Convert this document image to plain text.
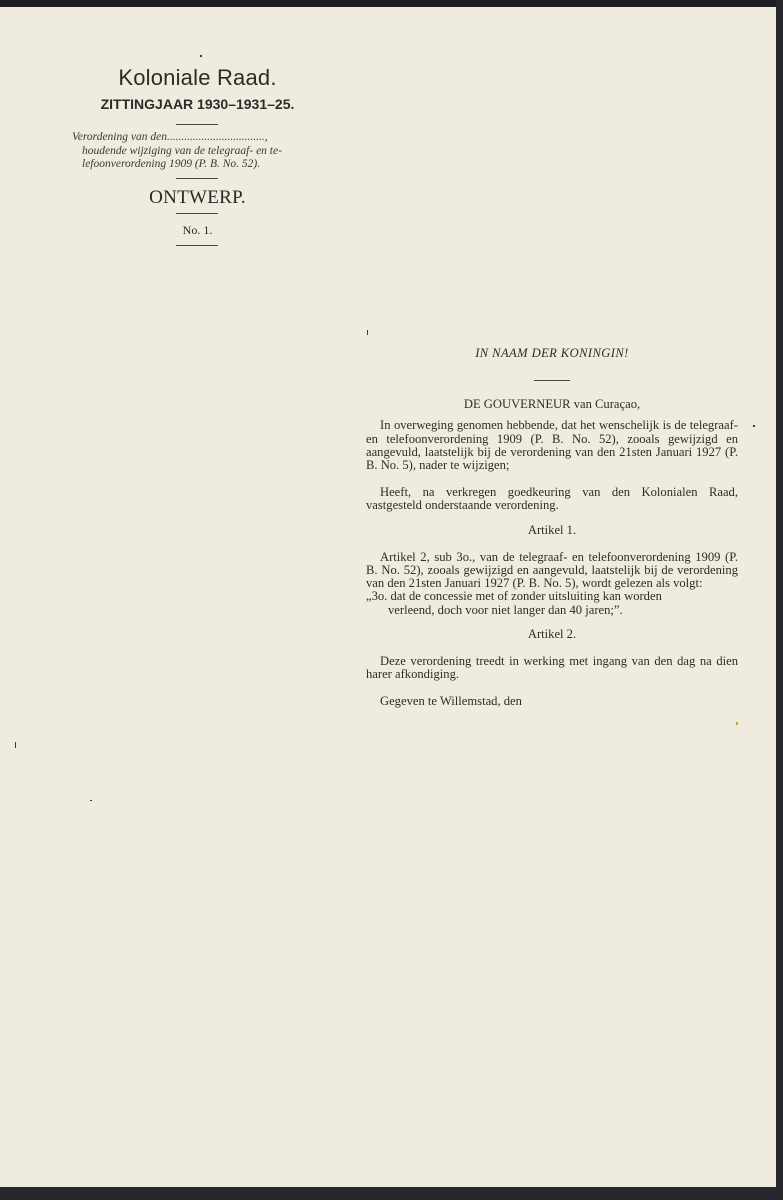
Koloniale Raad.
ZITTINGJAAR 1930–1931–25.
Verordening van den..................................,
houdende wijziging van de telegraaf- en te-
lefoonverordening 1909 (P. B. No. 52).
ONTWERP.
No. 1.

IN NAAM DER KONINGIN!

DE GOUVERNEUR van Curaçao,

In overweging genomen hebbende, dat het wenschelijk is de telegraaf- en telefoonverordening 1909 (P. B. No. 52), zooals gewijzigd en aangevuld, laatstelijk bij de verordening van den 21sten Januari 1927 (P. B. No. 5), nader te wijzigen;

Heeft, na verkregen goedkeuring van den Kolonialen Raad, vastgesteld onderstaande verordening.

Artikel 1.

Artikel 2, sub 3o., van de telegraaf- en telefoonverordening 1909 (P. B. No. 52), zooals gewijzigd en aangevuld, laatstelijk bij de verordening van den 21sten Januari 1927 (P. B. No. 5), wordt gelezen als volgt:

„3o. dat de concessie met of zonder uitsluiting kan worden
verleend, doch voor niet langer dan 40 jaren;”.

Artikel 2.

Deze verordening treedt in werking met ingang van den dag na dien harer afkondiging.

Gegeven te Willemstad, den
